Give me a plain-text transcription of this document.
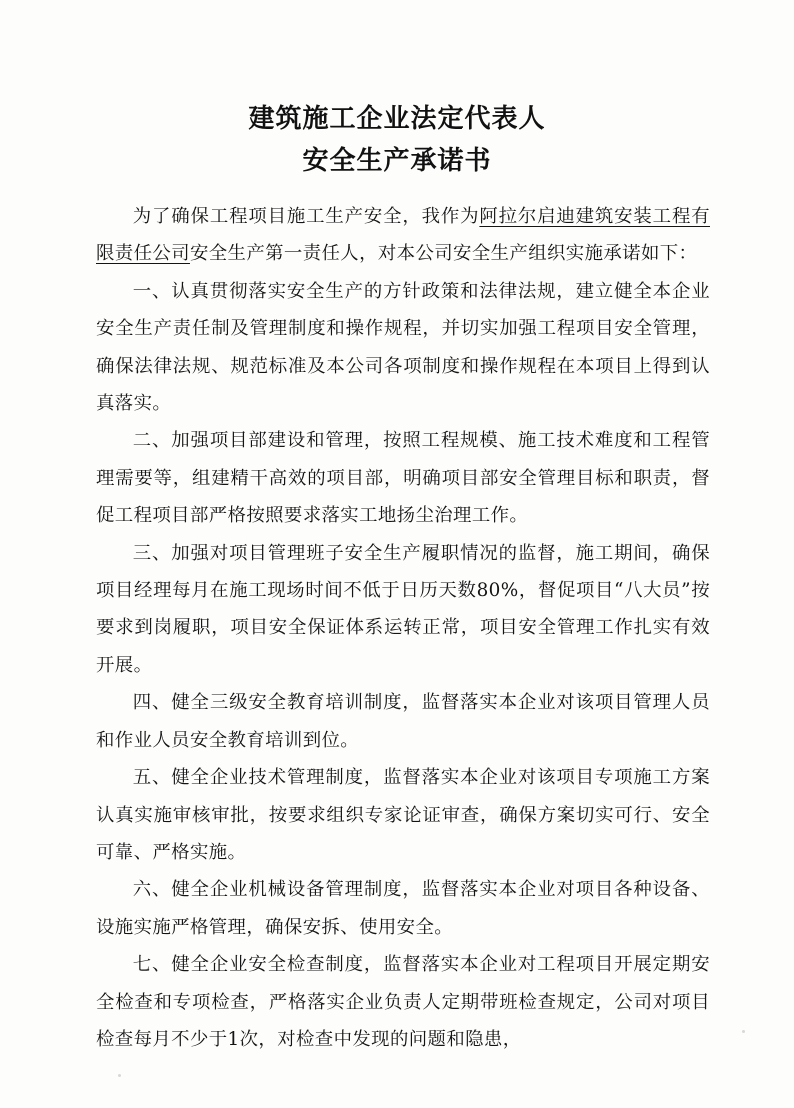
建筑施工企业法定代表人
安全生产承诺书

为了确保工程项目施工生产安全，我作为阿拉尔启迪建筑安装工程有限责任公司安全生产第一责任人，对本公司安全生产组织实施承诺如下：

一、认真贯彻落实安全生产的方针政策和法律法规，建立健全本企业安全生产责任制及管理制度和操作规程，并切实加强工程项目安全管理，确保法律法规、规范标准及本公司各项制度和操作规程在本项目上得到认真落实。

二、加强项目部建设和管理，按照工程规模、施工技术难度和工程管理需要等，组建精干高效的项目部，明确项目部安全管理目标和职责，督促工程项目部严格按照要求落实工地扬尘治理工作。

三、加强对项目管理班子安全生产履职情况的监督，施工期间，确保项目经理每月在施工现场时间不低于日历天数80%，督促项目“八大员”按要求到岗履职，项目安全保证体系运转正常，项目安全管理工作扎实有效开展。

四、健全三级安全教育培训制度，监督落实本企业对该项目管理人员和作业人员安全教育培训到位。

五、健全企业技术管理制度，监督落实本企业对该项目专项施工方案认真实施审核审批，按要求组织专家论证审查，确保方案切实可行、安全可靠、严格实施。

六、健全企业机械设备管理制度，监督落实本企业对项目各种设备、设施实施严格管理，确保安拆、使用安全。

七、健全企业安全检查制度，监督落实本企业对工程项目开展定期安全检查和专项检查，严格落实企业负责人定期带班检查规定，公司对项目检查每月不少于1次，对检查中发现的问题和隐患，
